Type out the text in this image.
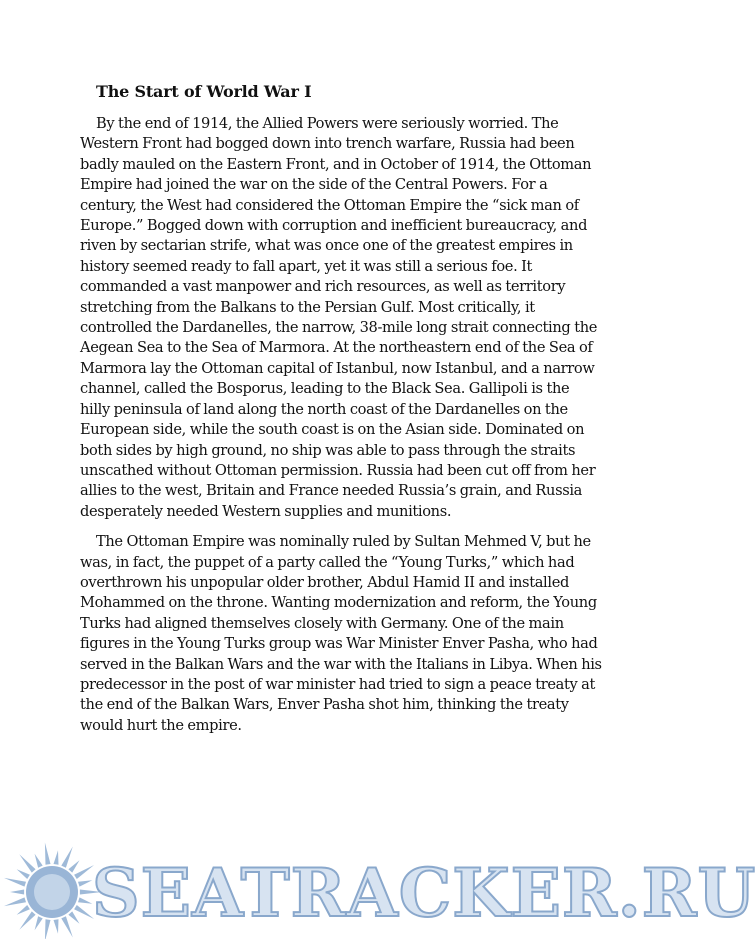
The Start of World War I

By the end of 1914, the Allied Powers were seriously worried. The Western Front had bogged down into trench warfare, Russia had been badly mauled on the Eastern Front, and in October of 1914, the Ottoman Empire had joined the war on the side of the Central Powers. For a century, the West had considered the Ottoman Empire the “sick man of Europe.” Bogged down with corruption and inefficient bureaucracy, and riven by sectarian strife, what was once one of the greatest empires in history seemed ready to fall apart, yet it was still a serious foe. It commanded a vast manpower and rich resources, as well as territory stretching from the Balkans to the Persian Gulf. Most critically, it controlled the Dardanelles, the narrow, 38-mile long strait connecting the Aegean Sea to the Sea of Marmora. At the northeastern end of the Sea of Marmora lay the Ottoman capital of Istanbul, now Istanbul, and a narrow channel, called the Bosporus, leading to the Black Sea. Gallipoli is the hilly peninsula of land along the north coast of the Dardanelles on the European side, while the south coast is on the Asian side. Dominated on both sides by high ground, no ship was able to pass through the straits unscathed without Ottoman permission. Russia had been cut off from her allies to the west, Britain and France needed Russia’s grain, and Russia desperately needed Western supplies and munitions.

The Ottoman Empire was nominally ruled by Sultan Mehmed V, but he was, in fact, the puppet of a party called the “Young Turks,” which had overthrown his unpopular older brother, Abdul Hamid II and installed Mohammed on the throne. Wanting modernization and reform, the Young Turks had aligned themselves closely with Germany. One of the main figures in the Young Turks group was War Minister Enver Pasha, who had served in the Balkan Wars and the war with the Italians in Libya. When his predecessor in the post of war minister had tried to sign a peace treaty at the end of the Balkan Wars, Enver Pasha shot him, thinking the treaty would hurt the empire.

SEATRACKER.RU
